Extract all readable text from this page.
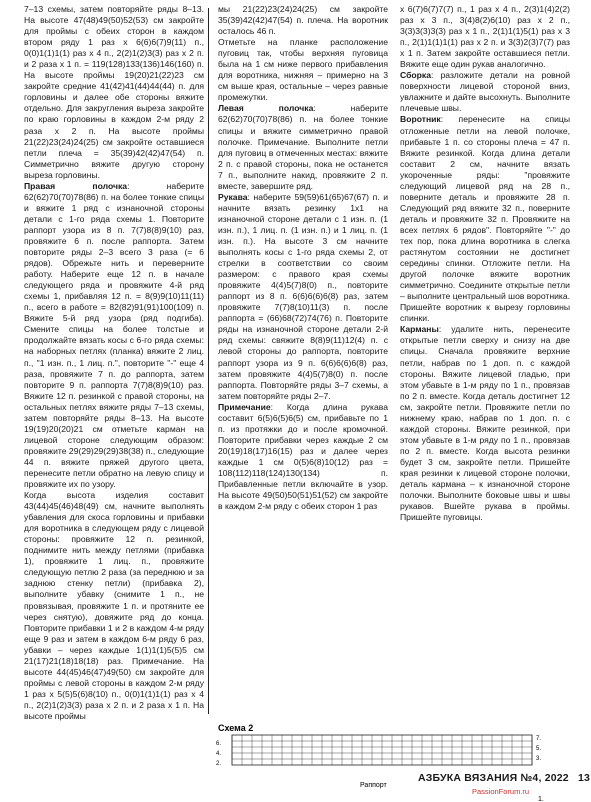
7–13 схемы, затем повторяйте ряды 8–13. На высоте 47(48)49(50)52(53) см закройте для проймы с обеих сторон в каждом втором ряду 1 раз х 6(6)6(7)9(11) п., 0(0)1(1)1(1) раз х 4 п., 2(2)1(2)3(3) раз х 2 п. и 2 раза х 1 п. = 119(128)133(136)146(160) п. На высоте проймы 19(20)21(22)23 см закройте средние 41(42)41(44)44(44) п. для горловины и далее обе стороны вяжите отдельно. Для закругления выреза закройте по краю горловины в каждом 2-м ряду 2 раза х 2 п. На высоте проймы 21(22)23(24)24(25) см закройте оставшиеся петли плеча = 35(39)42(42)47(54) п. Симметрично вяжите другую сторону выреза горловины.

Правая полочка: наберите 62(62)70(70)78(86) п. на более тонкие спицы и вяжите 1 ряд с изнаночной стороны детали с 1-го ряда схемы 1. Повторите раппорт узора из 8 п. 7(7)8(8)9(10) раз, провяжите 6 п. после раппорта. Затем повторите ряды 2–3 всего 3 раза (= 6 рядов). Обрежьте нить и переверните работу. Наберите еще 12 п. в начале следующего ряда и провяжите 4-й ряд схемы 1, прибавляя 12 п. = 8(9)9(10)11(11) п., всего в работе = 82(82)91(91)100(109) п. Вяжите 5-й ряд узора (ряд подгиба). Смените спицы на более толстые и продолжайте вязать косы с 6-го ряда схемы: на наборных петлях (планка) вяжите 2 лиц. п., "1 изн. п., 1 лиц. п.", повторите "-" еще 4 раза, провяжите 7 п. до раппорта, затем повторите 9 п. раппорта 7(7)8(8)9(10) раз. Вяжите 12 п. резинкой с правой стороны, на остальных петлях вяжите ряды 7–13 схемы, затем повторяйте ряды 8–13. На высоте 19(19)20(20)21 см отметьте карман на лицевой стороне следующим образом: провяжите 29(29)29(29)38(38) п., следующие 44 п. вяжите пряжей другого цвета, перенесите петли обратно на левую спицу и провяжите их по узору.

Когда высота изделия составит 43(44)45(46)48(49) см, начните выполнять убавления для скоса горловины и прибавки для воротника в следующем ряду с лицевой стороны: провяжите 12 п. резинкой, поднимите нить между петлями (прибавка 1), провяжите 1 лиц. п., провяжите следующую петлю 2 раза (за переднюю и за заднюю стенку петли) (прибавка 2), выполните убавку (снимите 1 п., не провязывая, провяжите 1 п. и протяните ее через снятую), довяжите ряд до конца. Повторите прибавки 1 и 2 в каждом 4-м ряду еще 9 раз и затем в каждом 6-м ряду 6 раз, убавки – через каждые 1(1)1(1)5(5)5 см 21(17)21(18)18(18) раз. Примечание. На высоте 44(45)46(47)49(50) см закройте для проймы с левой стороны в каждом 2-м ряду 1 раз х 5(5)5(6)8(10) п., 0(0)1(1)1(1) раз х 4 п., 2(2)1(2)3(3) раза х 2 п. и 2 раза х 1 п. На высоте проймы

мы 21(22)23(24)24(25) см закройте 35(39)42(42)47(54) п. плеча. На воротник осталось 46 п.

Отметьте на планке расположение пуговиц так, чтобы верхняя пуговица была на 1 см ниже первого прибавления для воротника, нижняя – примерно на 3 см выше края, остальные – через равные промежутки.

Левая полочка: наберите 62(62)70(70)78(86) п. на более тонкие спицы и вяжите симметрично правой полочке. Примечание. Выполните петли для пуговиц в отмеченных местах: вяжите 2 п. с правой стороны, пока не останется 7 п., выполните накид, провяжите 2 п. вместе, завершите ряд.

Рукава: наберите 59(59)61(65)67(67) п. и начните вязать резинку 1х1 на изнаночной стороне детали с 1 изн. п. (1 изн. п.), 1 лиц. п. (1 изн. п.) и 1 лиц. п. (1 изн. п.). На высоте 3 см начните выполнять косы с 1-го ряда схемы 2, от стрелки в соответствии со своим размером: с правого края схемы провяжите 4(4)5(7)8(0) п., повторите раппорт из 8 п. 6(6)6(6)6(8) раз, затем провяжите 7(7)8(10)11(3) п. после раппорта = (66)68(72)74(76) п. Повторите ряды на изнаночной стороне детали 2-й ряд схемы: свяжите 8(8)9(11)12(4) п. с левой стороны до раппорта, повторите раппорт узора из 9 п. 6(6)6(6)6(8) раз, затем провяжите 4(4)5(7)8(0) п. после раппорта. Повторяйте ряды 3–7 схемы, а затем повторяйте ряды 2–7.

Примечание: Когда длина рукава составит 6(5)6(5)6(5) см, прибавьте по 1 п. из протяжки до и после кромочной. Повторите прибавки через каждые 2 см 20(19)18(17)16(15) раз и далее через каждые 1 см 0(5)6(8)10(12) раз = 108(112)118(124)130(134) п. Прибавленные петли включайте в узор. На высоте 49(50)50(51)51(52) см закройте в каждом 2-м ряду с обеих сторон 1 раз

х 6(7)6(7)7(7) п., 1 раз х 4 п., 2(3)1(4)2(2) раз х 3 п., 3(4)8(2)6(10) раз х 2 п., 3(3)3(3)3(3) раз х 1 п., 2(1)1(1)5(1) раз х 3 п., 2(1)1(1)1(1) раз х 2 п. и 3(3)2(3)7(7) раз х 1 п. Затем закройте оставшиеся петли. Вяжите еще один рукав аналогично.

Сборка: разложите детали на ровной поверхности лицевой стороной вниз, увлажните и дайте высохнуть. Выполните плечевые швы.

Воротник: перенесите на спицы отложенные петли на левой полочке, прибавьте 1 п. со стороны плеча = 47 п. Вяжите резинкой. Когда длина детали составит 2 см, начните вязать укороченные ряды: "провяжите следующий лицевой ряд на 28 п., поверните деталь и провяжите 28 п. Следующий ряд вяжите 32 п., поверните деталь и провяжите 32 п. Провяжите на всех петлях 6 рядов". Повторяйте "-" до тех пор, пока длина воротника в слегка растянутом состоянии не достигнет середины спинки. Отложите петли. На другой полочке вяжите воротник симметрично. Соедините открытые петли – выполните центральный шов воротника. Пришейте воротник к вырезу горловины спинки.

Карманы: удалите нить, перенесите открытые петли сверху и снизу на две спицы. Сначала провяжите верхние петли, набрав по 1 доп. п. с каждой стороны. Вяжите лицевой гладью, при этом убавьте в 1-м ряду по 1 п., провязав по 2 п. вместе. Когда деталь достигнет 12 см, закройте петли. Провяжите петли по нижнему краю, набрав по 1 доп. п. с каждой стороны. Вяжите резинкой, при этом убавьте в 1-м ряду по 1 п., провязав по 2 п. вместе. Когда высота резинки будет 3 см, закройте петли. Пришейте края резинки к лицевой стороне полочки, деталь кармана – к изнаночной стороне полочки. Выполните боковые швы и швы рукавов. Вшейте рукава в проймы. Пришейте пуговицы.

Схема 2
7.
6.
5.
4.
3.
2.
Раппорт
1.
АЗБУКА ВЯЗАНИЯ №4, 2022 13
PassionForum.ru
